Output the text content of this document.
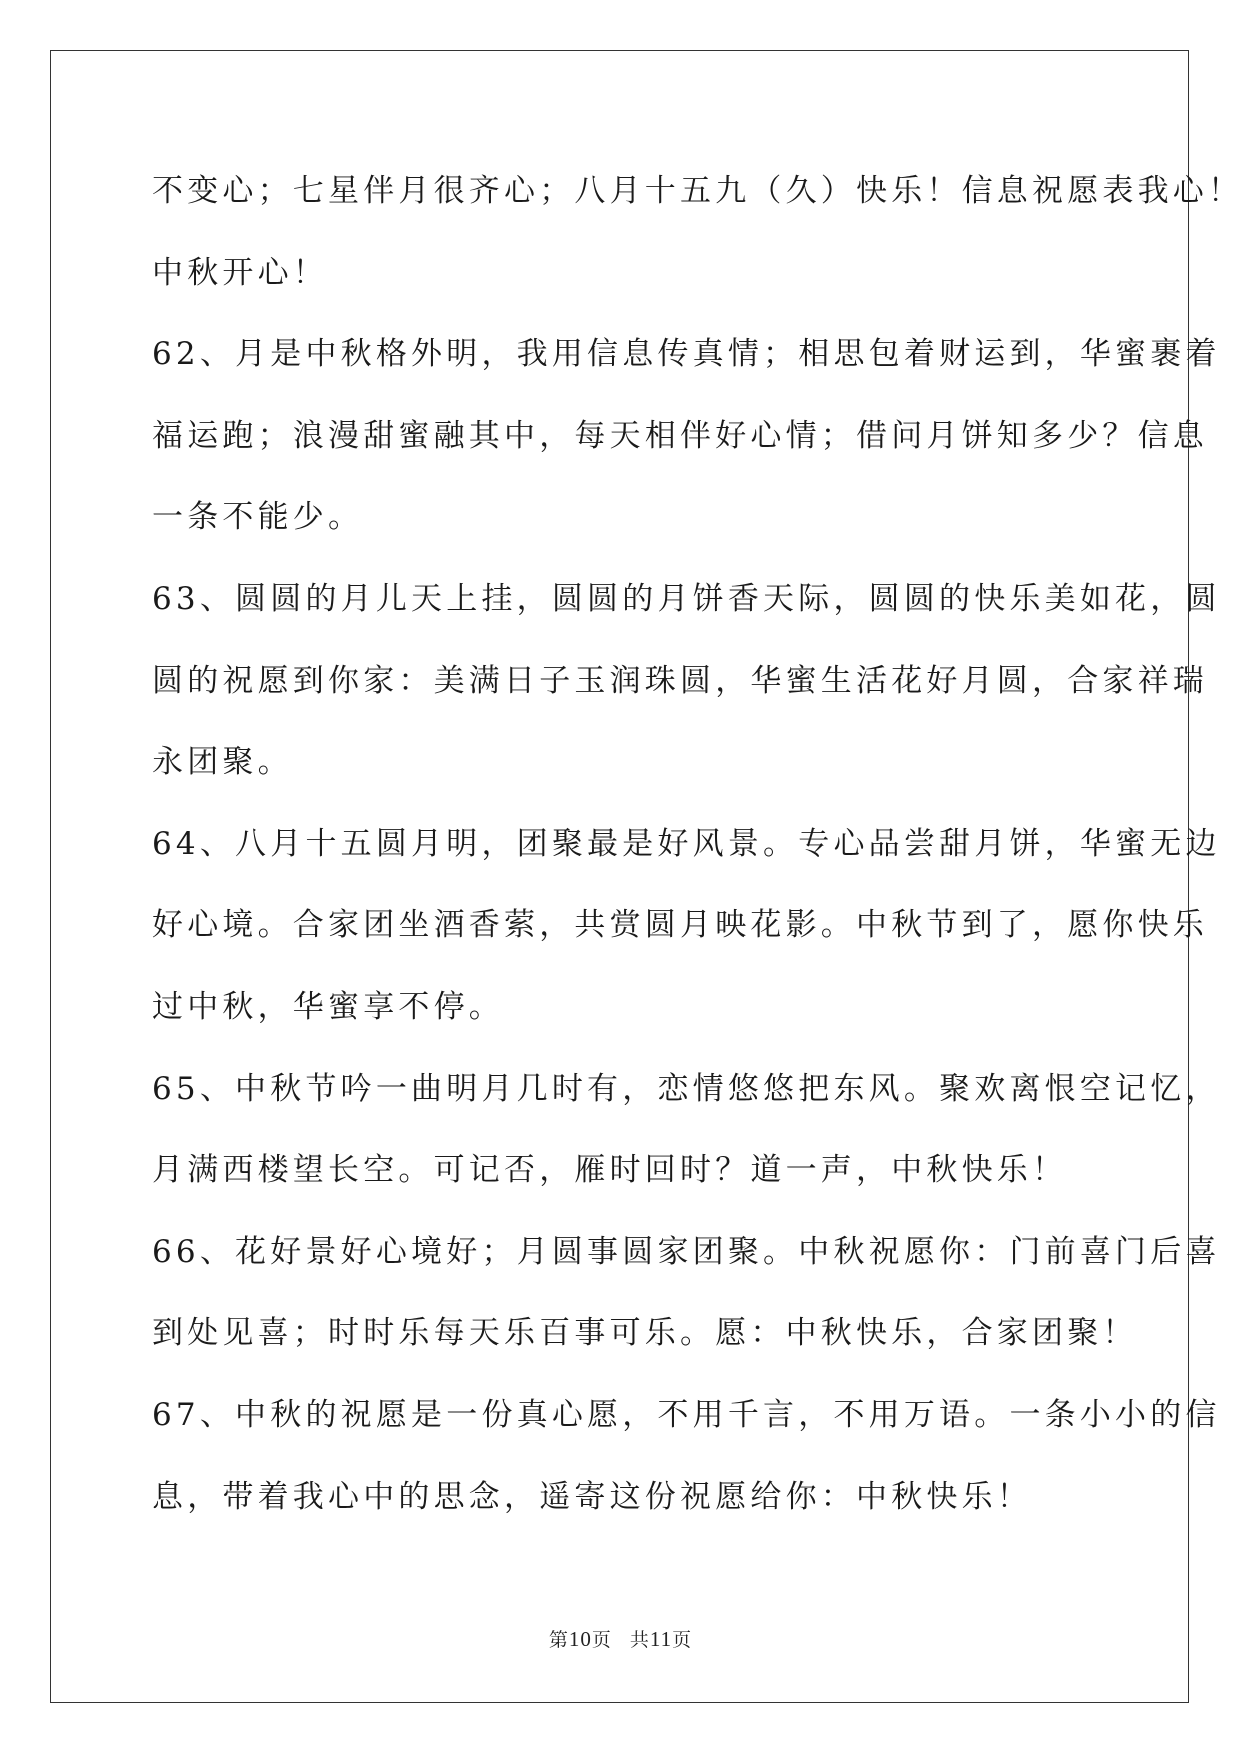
不变心；七星伴月很齐心；八月十五九（久）快乐！信息祝愿表我心！
中秋开心！
62、月是中秋格外明，我用信息传真情；相思包着财运到，华蜜裹着
福运跑；浪漫甜蜜融其中，每天相伴好心情；借问月饼知多少？信息
一条不能少。
63、圆圆的月儿天上挂，圆圆的月饼香天际，圆圆的快乐美如花，圆
圆的祝愿到你家：美满日子玉润珠圆，华蜜生活花好月圆，合家祥瑞
永团聚。
64、八月十五圆月明，团聚最是好风景。专心品尝甜月饼，华蜜无边
好心境。合家团坐酒香萦，共赏圆月映花影。中秋节到了，愿你快乐
过中秋，华蜜享不停。
65、中秋节吟一曲明月几时有，恋情悠悠把东风。聚欢离恨空记忆，
月满西楼望长空。可记否，雁时回时？道一声，中秋快乐！
66、花好景好心境好；月圆事圆家团聚。中秋祝愿你：门前喜门后喜
到处见喜；时时乐每天乐百事可乐。愿：中秋快乐，合家团聚！
67、中秋的祝愿是一份真心愿，不用千言，不用万语。一条小小的信
息，带着我心中的思念，遥寄这份祝愿给你：中秋快乐！
第10页 共11页
